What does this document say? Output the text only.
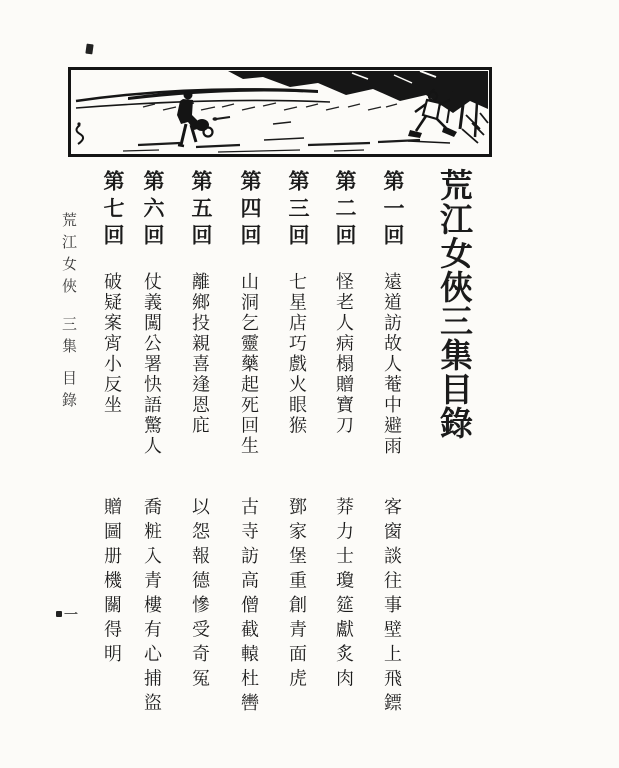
荒江女俠三集目錄
第一回
遠道訪故人菴中避雨
客窗談往事壁上飛鏢
第二回
怪老人病榻贈寶刀
莽力士瓊筵獻炙肉
第三回
七星店巧戲火眼猴
鄧家堡重創青面虎
第四回
山洞乞靈藥起死回生
古寺訪高僧截轅杜轡
第五回
離鄉投親喜逢恩庇
以怨報德慘受奇冤
第六回
仗義闖公署快語驚人
喬粧入青樓有心捕盜
第七回
破疑案宵小反坐
贈圖册機關得明
荒江女俠三集目錄
一
